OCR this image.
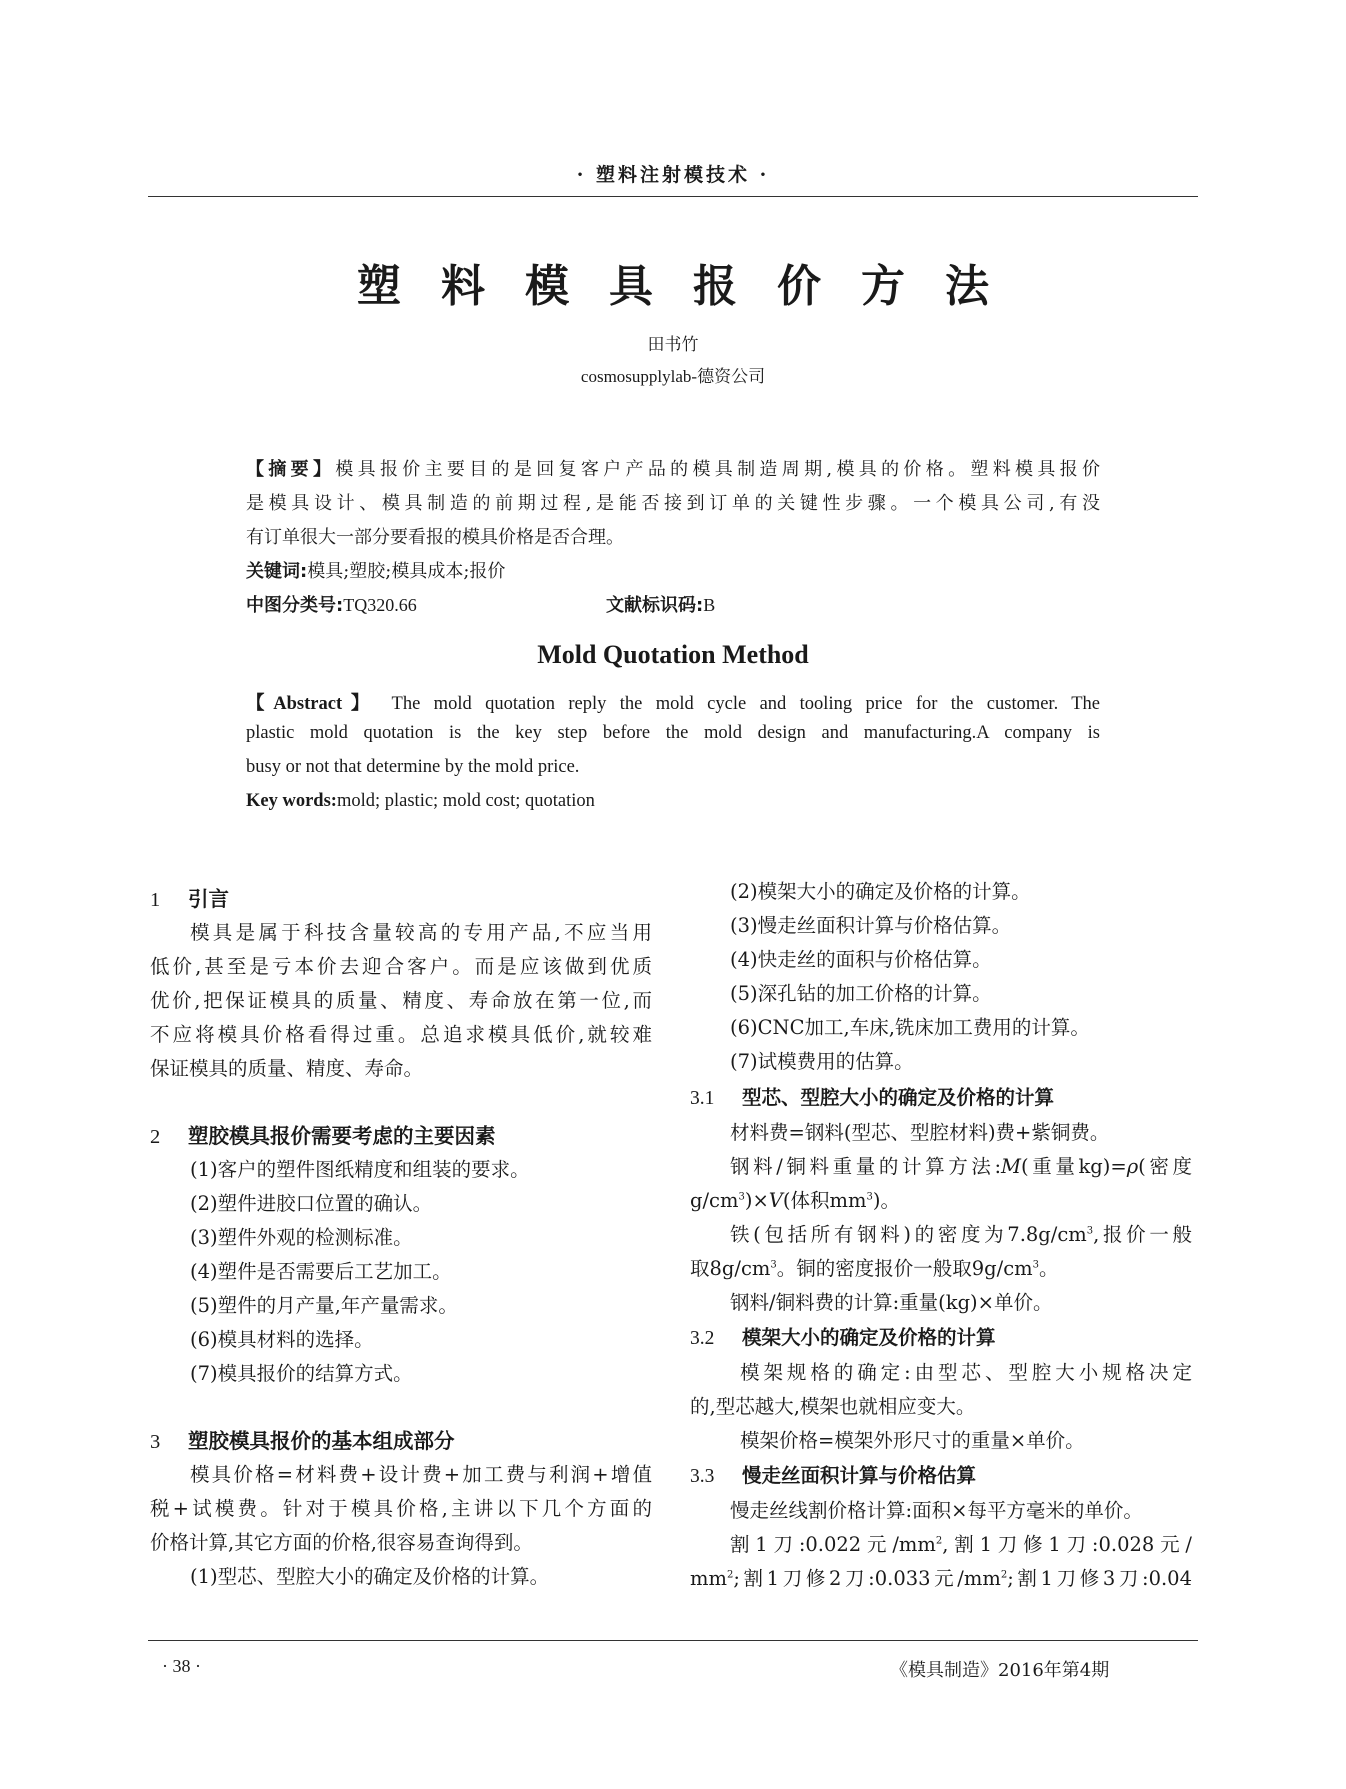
· 塑料注射模技术 ·
塑料模具报价方法
田书竹
cosmosupplylab-德资公司
【摘要】模具报价主要目的是回复客户产品的模具制造周期,模具的价格。塑料模具报价
是模具设计、模具制造的前期过程,是能否接到订单的关键性步骤。一个模具公司,有没
有订单很大一部分要看报的模具价格是否合理。
关键词:模具;塑胶;模具成本;报价
中图分类号:TQ320.66	文献标识码:B
Mold Quotation Method
【Abstract】 The mold quotation reply the mold cycle and tooling price for the customer. The
plastic mold quotation is the key step before the mold design and manufacturing.A company is
busy or not that determine by the mold price.
Key words:mold; plastic; mold cost; quotation
1 引言
模具是属于科技含量较高的专用产品,不应当用
低价,甚至是亏本价去迎合客户。而是应该做到优质
优价,把保证模具的质量、精度、寿命放在第一位,而
不应将模具价格看得过重。总追求模具低价,就较难
保证模具的质量、精度、寿命。
2 塑胶模具报价需要考虑的主要因素
(1)客户的塑件图纸精度和组装的要求。
(2)塑件进胶口位置的确认。
(3)塑件外观的检测标准。
(4)塑件是否需要后工艺加工。
(5)塑件的月产量,年产量需求。
(6)模具材料的选择。
(7)模具报价的结算方式。
3 塑胶模具报价的基本组成部分
模具价格=材料费+设计费+加工费与利润+增值
税+试模费。针对于模具价格,主讲以下几个方面的
价格计算,其它方面的价格,很容易查询得到。
(1)型芯、型腔大小的确定及价格的计算。
(2)模架大小的确定及价格的计算。
(3)慢走丝面积计算与价格估算。
(4)快走丝的面积与价格估算。
(5)深孔钻的加工价格的计算。
(6)CNC加工,车床,铣床加工费用的计算。
(7)试模费用的估算。
3.1 型芯、型腔大小的确定及价格的计算
材料费=钢料(型芯、型腔材料)费+紫铜费。
钢料/铜料重量的计算方法:M(重量kg)=ρ(密度
$g/cm^3)\times V$(体积$mm^3$)。
铁(包括所有钢料)的密度为$7.8g/cm^3$,报价一般
取$8g/cm^3$。铜的密度报价一般取$9g/cm^3$。
钢料/铜料费的计算:重量(kg)×单价。
3.2 模架大小的确定及价格的计算
模架规格的确定:由型芯、型腔大小规格决定
的,型芯越大,模架也就相应变大。
模架价格=模架外形尺寸的重量×单价。
3.3 慢走丝面积计算与价格估算
慢走丝线割价格计算:面积×每平方毫米的单价。
割1刀:0.022元$/mm^2$,割1刀修1刀:0.028元/
$mm^2$;割1刀修2刀:0.033元$/mm^2$;割1刀修3刀:0.04
· 38 ·	《模具制造》2016年第4期
